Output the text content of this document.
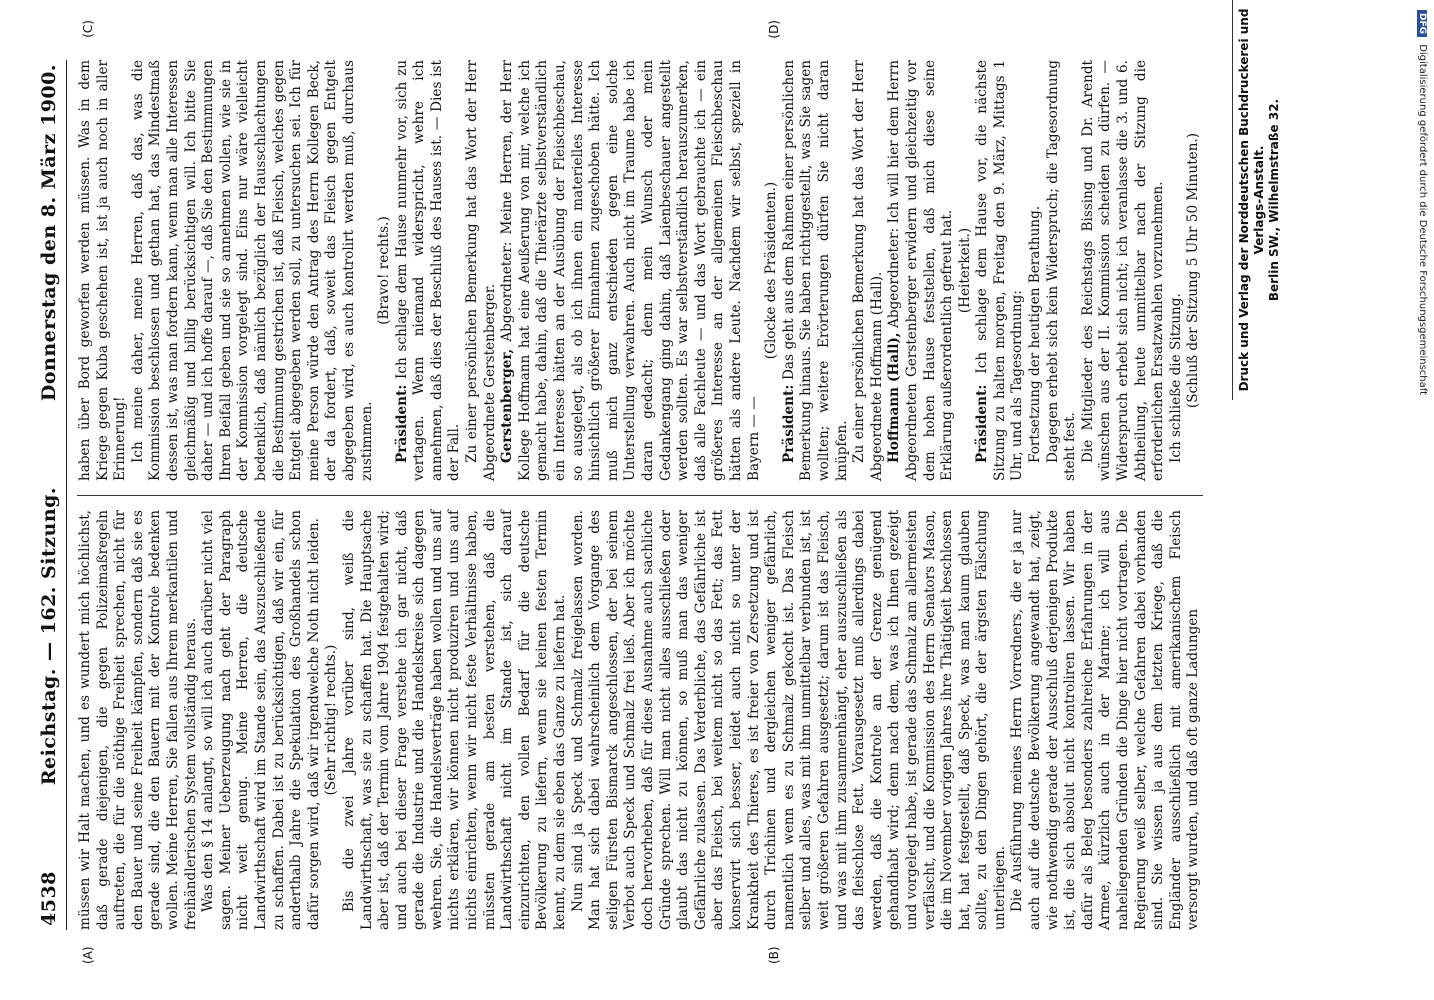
4538
Reichstag. — 162. Sitzung.
Donnerstag den 8. März 1900.
(A)	(B)
(C)	(D)

müssen wir Halt machen, und es wundert mich höchlichst, daß gerade diejenigen, die gegen Polizeimaßregeln auftreten, die für die nöthige Freiheit sprechen, nicht für den Bauer und seine Freiheit kämpfen, sondern daß sie es gerade sind, die den Bauern mit der Kontrole bedenken wollen. Meine Herren, Sie fallen aus Ihrem merkantilen und freihändlerischen System vollständig heraus. Was den § 14 anlangt, so will ich auch darüber nicht viel sagen. Meiner Ueberzeugung nach geht der Paragraph nicht weit genug. Meine Herren, die deutsche Landwirthschaft wird im Stande sein, das Auszuschließende zu schaffen. Dabei ist zu berücksichtigen, daß wir ein, für anderthalb Jahre die Spekulation des Großhandels schon dafür sorgen wird, daß wir irgendwelche Noth nicht leiden. (Sehr richtig! rechts.) Bis die zwei Jahre vorüber sind, weiß die Landwirthschaft, was sie zu schaffen hat. Die Hauptsache aber ist, daß der Termin vom Jahre 1904 festgehalten wird; und auch bei dieser Frage verstehe ich gar nicht, daß gerade die Industrie und die Handelskreise sich dagegen wehren. Sie, die Handelsverträge haben wollen und uns auf nichts erklären, wir können nicht produziren und uns auf nichts einrichten, wenn wir nicht feste Verhältnisse haben, müssten gerade am besten verstehen, daß die Landwirthschaft nicht im Stande ist, sich darauf einzurichten, den vollen Bedarf für die deutsche Bevölkerung zu liefern, wenn sie keinen festen Termin kennt, zu dem sie eben das Ganze zu liefern hat. Nun sind ja Speck und Schmalz freigelassen worden. Man hat sich dabei wahrscheinlich dem Vorgange des seligen Fürsten Bismarck angeschlossen, der bei seinem Verbot auch Speck und Schmalz frei ließ. Aber ich möchte doch hervorheben, daß für diese Ausnahme auch sachliche Gründe sprechen. Will man nicht alles ausschließen oder glaubt das nicht zu können, so muß man das weniger Gefährliche zulassen. Das Verderbliche, das Gefährliche ist aber das Fleisch, bei weitem nicht so das Fett; das Fett konservirt sich besser, leidet auch nicht so unter der Krankheit des Thieres, es ist freier von Zersetzung und ist durch Trichinen und dergleichen weniger gefährlich, namentlich wenn es zu Schmalz gekocht ist. Das Fleisch selber und alles, was mit ihm unmittelbar verbunden ist, ist weit größeren Gefahren ausgesetzt; darum ist das Fleisch, und was mit ihm zusammenhängt, eher auszuschließen als das fleischlose Fett. Vorausgesetzt muß allerdings dabei werden, daß die Kontrole an der Grenze genügend gehandhabt wird; denn nach dem, was ich Ihnen gezeigt und vorgelegt habe, ist gerade das Schmalz am allermeisten verfälscht, und die Kommission des Herrn Senators Mason, die im November vorigen Jahres ihre Thätigkeit beschlossen hat, hat festgestellt, daß Speck, was man kaum glauben sollte, zu den Dingen gehört, die der ärgsten Fälschung unterliegen. Die Ausführung meines Herrn Vorredners, die er ja nur auch auf die deutsche Bevölkerung angewandt hat, zeigt, wie nothwendig gerade der Ausschluß derjenigen Produkte ist, die sich absolut nicht kontroliren lassen. Wir haben dafür als Beleg besonders zahlreiche Erfahrungen in der Armee, kürzlich auch in der Marine; ich will aus naheliegenden Gründen die Dinge hier nicht vortragen. Die Regierung weiß selber, welche Gefahren dabei vorhanden sind. Sie wissen ja aus dem letzten Kriege, daß die Engländer ausschließlich mit amerikanischem Fleisch versorgt wurden, und daß oft ganze Ladungen

haben über Bord geworfen werden müssen. Was in dem Kriege gegen Kuba geschehen ist, ist ja auch noch in aller Erinnerung! Ich meine daher, meine Herren, daß das, was die Kommission beschlossen und gethan hat, das Mindestmaß dessen ist, was man fordern kann, wenn man alle Interessen gleichmäßig und billig berücksichtigen will. Ich bitte Sie daher — und ich hoffe darauf —, daß Sie den Bestimmungen Ihren Beifall geben und sie so annehmen wollen, wie sie in der Kommission vorgelegt sind. Eins nur wäre vielleicht bedenklich, daß nämlich bezüglich der Hausschlachtungen die Bestimmung gestrichen ist, daß Fleisch, welches gegen Entgelt abgegeben werden soll, zu untersuchen sei. Ich für meine Person würde den Antrag des Herrn Kollegen Beck, der da fordert, daß, soweit das Fleisch gegen Entgelt abgegeben wird, es auch kontrolirt werden muß, durchaus zustimmen.

(Bravo! rechts.)

Präsident: Ich schlage dem Hause nunmehr vor, sich zu vertagen. Wenn niemand widerspricht, wehre ich annehmen, daß dies der Beschluß des Hauses ist. — Dies ist der Fall. Zu einer persönlichen Bemerkung hat das Wort der Herr Abgeordnete Gerstenberger. Gerstenberger, Abgeordneter: Meine Herren, der Herr Kollege Hoffmann hat eine Aeußerung von mir, welche ich gemacht habe, dahin, daß die Thierärzte selbstverständlich ein Interesse hätten an der Ausübung der Fleischbeschau, so ausgelegt, als ob ich ihnen ein materielles Interesse hinsichtlich größerer Einnahmen zugeschoben hätte. Ich muß mich ganz entschieden gegen eine solche Unterstellung verwahren. Auch nicht im Traume habe ich daran gedacht; denn mein Wunsch oder mein Gedankengang ging dahin, daß Laienbeschauer angestellt werden sollten. Es war selbstverständlich herauszumerken, daß alle Fachleute — und das Wort gebrauchte ich — ein größeres Interesse an der allgemeinen Fleischbeschau hätten als andere Leute. Nachdem wir selbst, speziell in Bayern — —

(Glocke des Präsidenten.)

Präsident: Das geht aus dem Rahmen einer persönlichen Bemerkung hinaus. Sie haben richtiggestellt, was Sie sagen wollten; weitere Erörterungen dürfen Sie nicht daran knüpfen. Zu einer persönlichen Bemerkung hat das Wort der Herr Abgeordnete Hoffmann (Hall). Hoffmann (Hall), Abgeordneter: Ich will hier dem Herrn Abgeordneten Gerstenberger erwidern und gleichzeitig vor dem hohen Hause feststellen, daß mich diese seine Erklärung außerordentlich gefreut hat. (Heiterkeit.)

Präsident: Ich schlage dem Hause vor, die nächste Sitzung zu halten morgen, Freitag den 9. März, Mittags 1 Uhr, und als Tagesordnung: Fortsetzung der heutigen Berathung. Dagegen erhebt sich kein Widerspruch; die Tagesordnung steht fest. Die Mitglieder des Reichstags Bissing und Dr. Arendt wünschen aus der II. Kommission scheiden zu dürfen. — Widerspruch erhebt sich nicht; ich veranlasse die 3. und 6. Abtheilung, heute unmittelbar nach der Sitzung die erforderlichen Ersatzwahlen vorzunehmen. Ich schließe die Sitzung. (Schluß der Sitzung 5 Uhr 50 Minuten.)	Druck und Verlag der Norddeutschen Buchdruckerei und Verlags-Anstalt. Berlin SW., Wilhelmstraße 32.
DFG Digitalisierung gefördert durch die Deutsche Forschungsgemeinschaft
